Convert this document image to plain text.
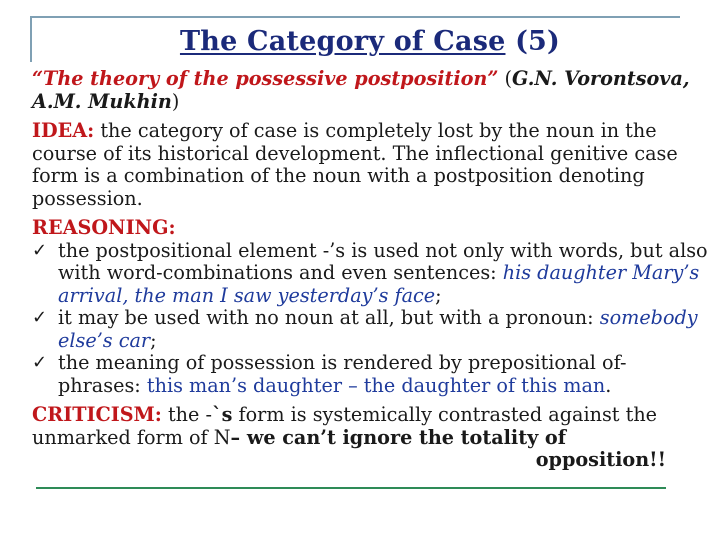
The Category of Case (5)

“The theory of the possessive postposition” (G.N. Vorontsova, A.M. Mukhin)

IDEA: the category of case is completely lost by the noun in the course of its historical development. The inflectional genitive case form is a combination of the noun with a postposition denoting possession.

REASONING:

✓ the postpositional element -’s is used not only with words, but also with word-combinations and even sentences: his daughter Mary’s arrival, the man I saw yesterday’s face;
✓ it may be used with no noun at all, but with a pronoun: somebody else’s car;
✓ the meaning of possession is rendered by prepositional of-phrases: this man’s daughter – the daughter of this man.

CRITICISM: the -`s form is systemically contrasted against the unmarked form of N– we can’t ignore the totality of

opposition!!
